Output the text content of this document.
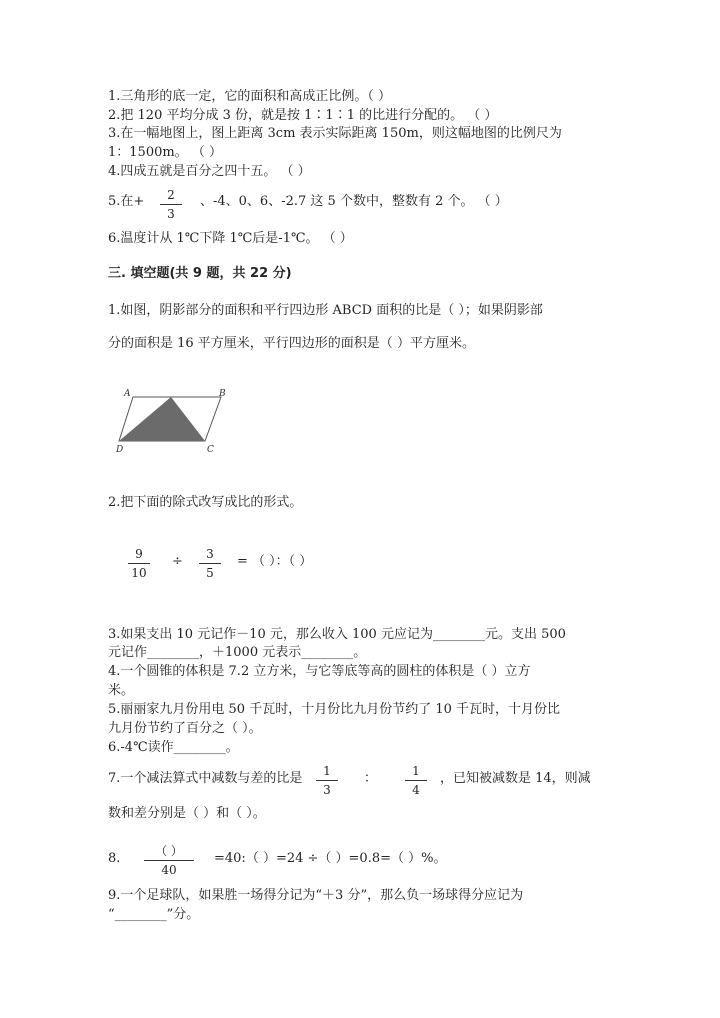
1.三角形的底一定，它的面积和高成正比例。（ ）
2.把 120 平均分成 3 份，就是按 1∶1∶1 的比进行分配的。 （ ）
3.在一幅地图上，图上距离 3cm 表示实际距离 150m，则这幅地图的比例尺为
1：1500m。 （ ）
4.四成五就是百分之四十五。 （ ）
5.在+	2
3
、-4、0、6、-2.7 这 5 个数中，整数有 2 个。 （ ）
6.温度计从 1℃下降 1℃后是-1℃。 （ ）
三. 填空题(共 9 题，共 22 分)
1.如图，阴影部分的面积和平行四边形 ABCD 面积的比是（ ）；如果阴影部
分的面积是 16 平方厘米，平行四边形的面积是（ ）平方厘米。
A	B
C
D
2.把下面的除式改写成比的形式。
9
10
÷	3
5
= （ ）：（ ）
3.如果支出 10 元记作－10 元，那么收入 100 元应记为________元。支出 500
元记作________，＋1000 元表示________。
4.一个圆锥的体积是 7.2 立方米，与它等底等高的圆柱的体积是（ ）立方
米。
5.丽丽家九月份用电 50 千瓦时，十月份比九月份节约了 10 千瓦时，十月份比
九月份节约了百分之（ ）。
6.-4℃读作________。
7.一个减法算式中减数与差的比是	1
3
：	1
4
，已知被减数是 14，则减
数和差分别是（ ）和（ ）。
8.	（ ）
40
=40:（ ）=24 ÷（ ）=0.8=（ ）%。
9.一个足球队，如果胜一场得分记为“＋3 分”，那么负一场球得分应记为
“________”分。
